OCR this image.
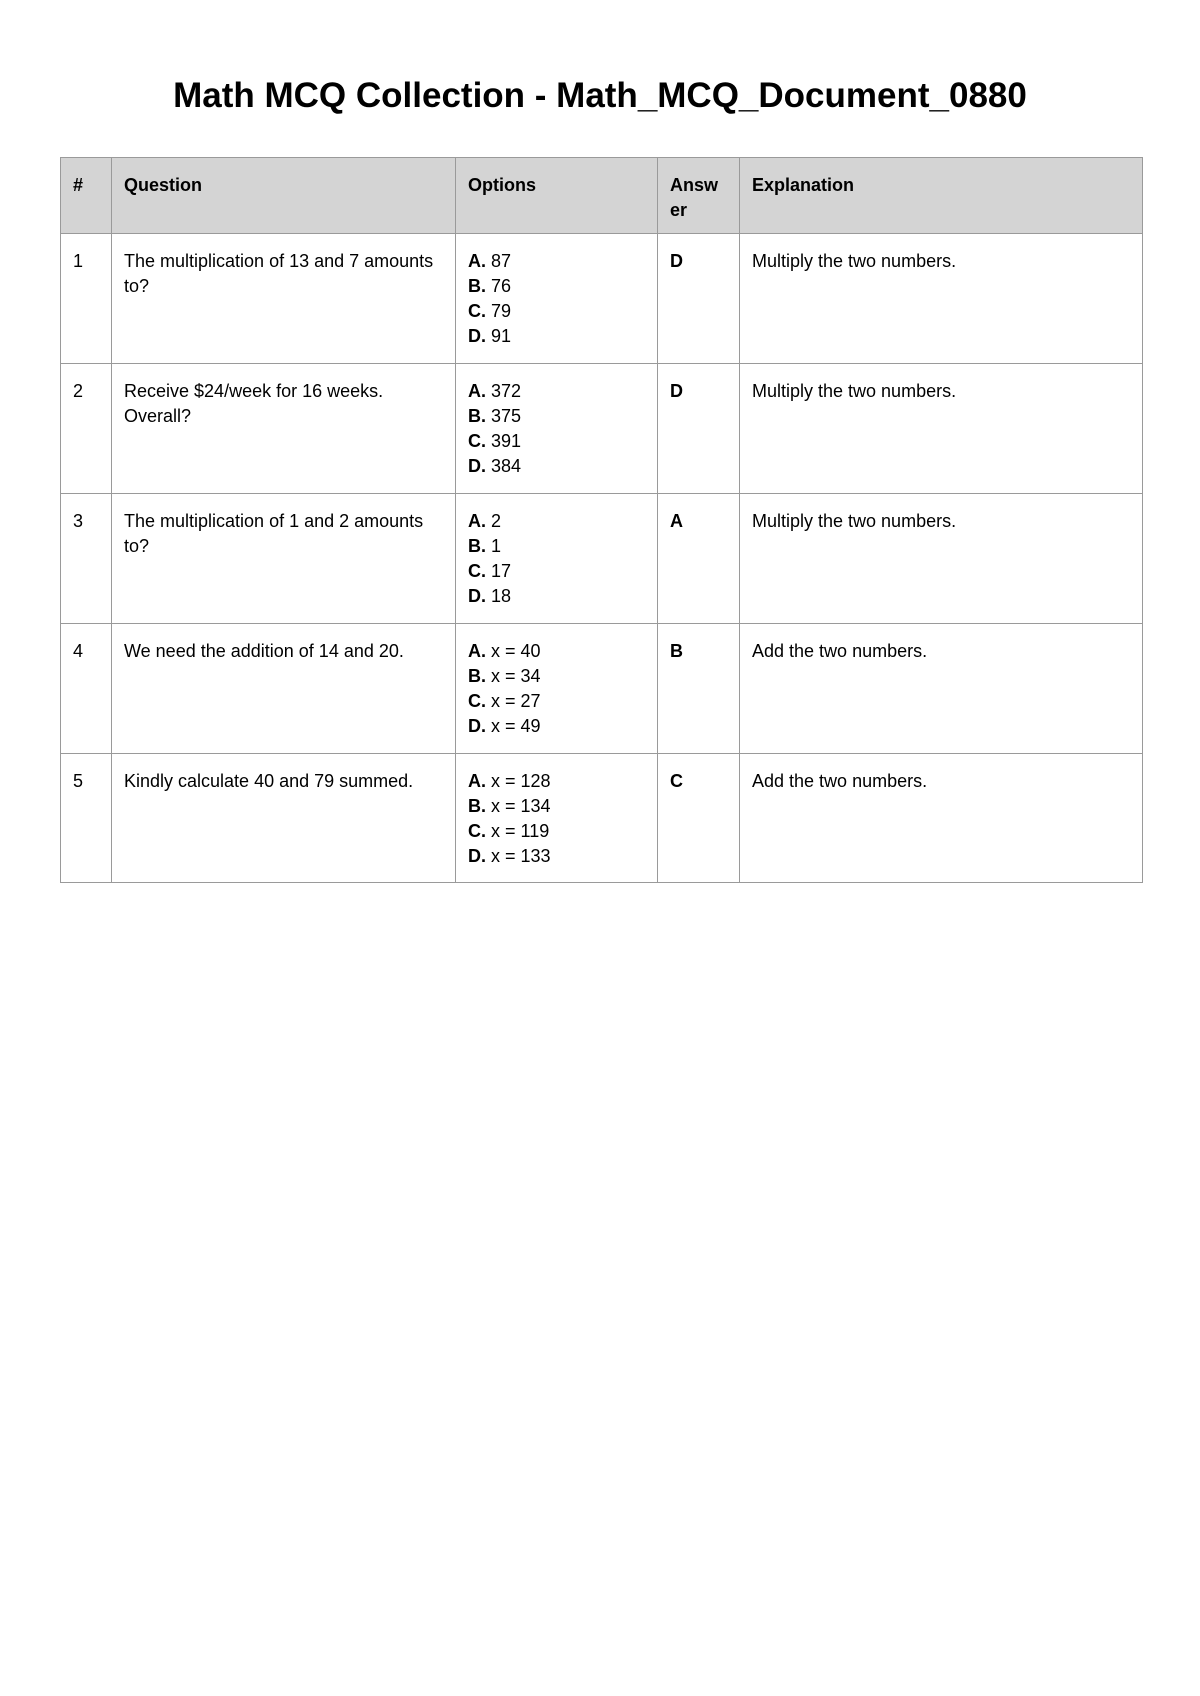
Math MCQ Collection - Math_MCQ_Document_0880
#	Question	Options	Answ
er	Explanation
1	The multiplication of 13 and 7 amounts to?	A. 87
B. 76
C. 79
D. 91	D	Multiply the two numbers.
2	Receive $24/week for 16 weeks. Overall?	A. 372
B. 375
C. 391
D. 384	D	Multiply the two numbers.
3	The multiplication of 1 and 2 amounts to?	A. 2
B. 1
C. 17
D. 18	A	Multiply the two numbers.
4	We need the addition of 14 and 20.	A. x = 40
B. x = 34
C. x = 27
D. x = 49	B	Add the two numbers.
5	Kindly calculate 40 and 79 summed.	A. x = 128
B. x = 134
C. x = 119
D. x = 133	C	Add the two numbers.
